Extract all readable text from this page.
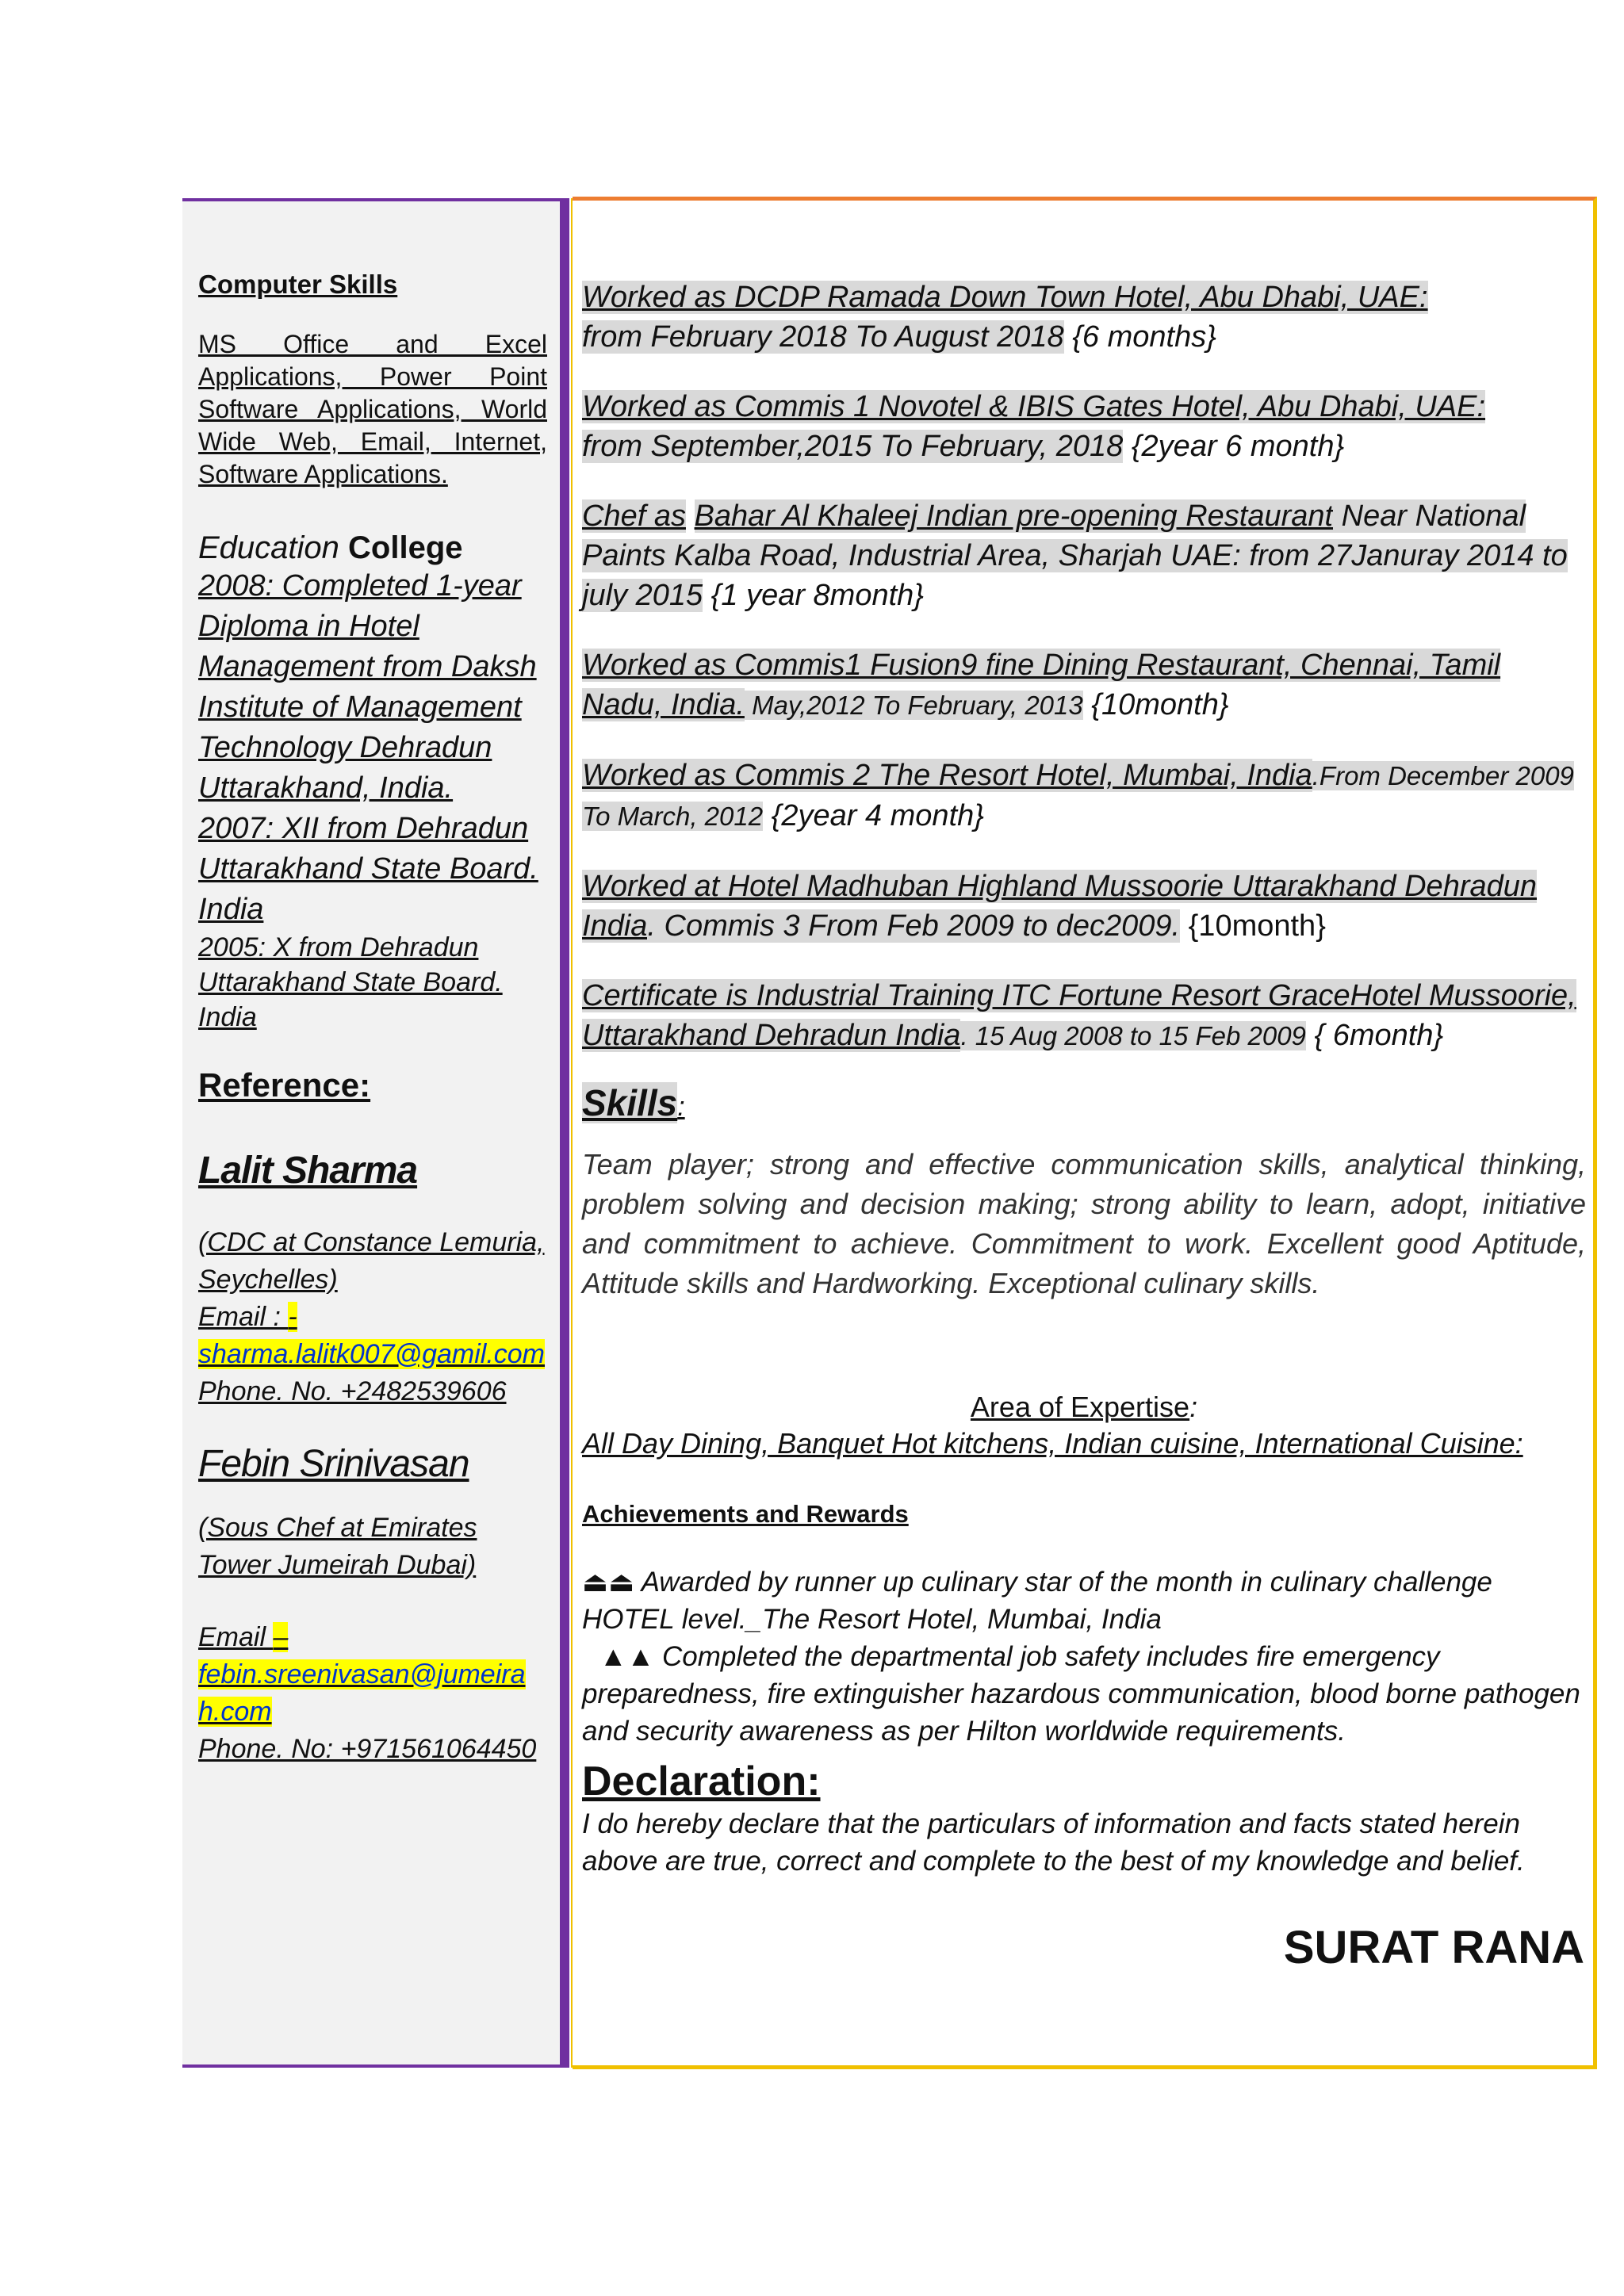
Computer Skills
MS Office and Excel Applications, Power Point Software Applications, World Wide Web, Email, Internet, Software Applications.
Education College
2008: Completed 1-year Diploma in Hotel Management from Daksh Institute of Management Technology Dehradun Uttarakhand, India.
2007: XII from Dehradun Uttarakhand State Board. India
2005: X from Dehradun Uttarakhand State Board. India
Reference:
Lalit Sharma
(CDC at Constance Lemuria, Seychelles)
Email : -
sharma.lalitk007@gamil.com
Phone. No. +2482539606
Febin Srinivasan
(Sous Chef at Emirates Tower Jumeirah Dubai)
Email –
febin.sreenivasan@jumeirah.com
Phone. No: +971561064450
Worked as DCDP Ramada Down Town Hotel, Abu Dhabi, UAE:
from February 2018 To August 2018 {6 months}
Worked as Commis 1 Novotel & IBIS Gates Hotel, Abu Dhabi, UAE:
from September,2015 To February, 2018 {2year 6 month}
Chef as Bahar Al Khaleej Indian pre-opening Restaurant Near National Paints Kalba Road, Industrial Area, Sharjah UAE: from 27Januray 2014 to july 2015 {1 year 8month}
Worked as Commis1 Fusion9 fine Dining Restaurant, Chennai, Tamil Nadu, India. May,2012 To February, 2013 {10month}
Worked as Commis 2 The Resort Hotel, Mumbai, India.From December 2009 To March, 2012 {2year 4 month}
Worked at Hotel Madhuban Highland Mussoorie Uttarakhand Dehradun India. Commis 3 From Feb 2009 to dec2009. {10month}
Certificate is Industrial Training ITC Fortune Resort GraceHotel Mussoorie, Uttarakhand Dehradun India. 15 Aug 2008 to 15 Feb 2009 { 6month}
Skills:
Team player; strong and effective communication skills, analytical thinking, problem solving and decision making; strong ability to learn, adopt, initiative and commitment to achieve. Commitment to work. Excellent good Aptitude, Attitude skills and Hardworking. Exceptional culinary skills.
Area of Expertise:
All Day Dining, Banquet Hot kitchens, Indian cuisine, International Cuisine:
Achievements and Rewards
⏏⏏ Awarded by runner up culinary star of the month in culinary challenge HOTEL level._The Resort Hotel, Mumbai, India
▲▲ Completed the departmental job safety includes fire emergency preparedness, fire extinguisher hazardous communication, blood borne pathogen and security awareness as per Hilton worldwide requirements.
Declaration:
I do hereby declare that the particulars of information and facts stated herein above are true, correct and complete to the best of my knowledge and belief.
SURAT RANA
